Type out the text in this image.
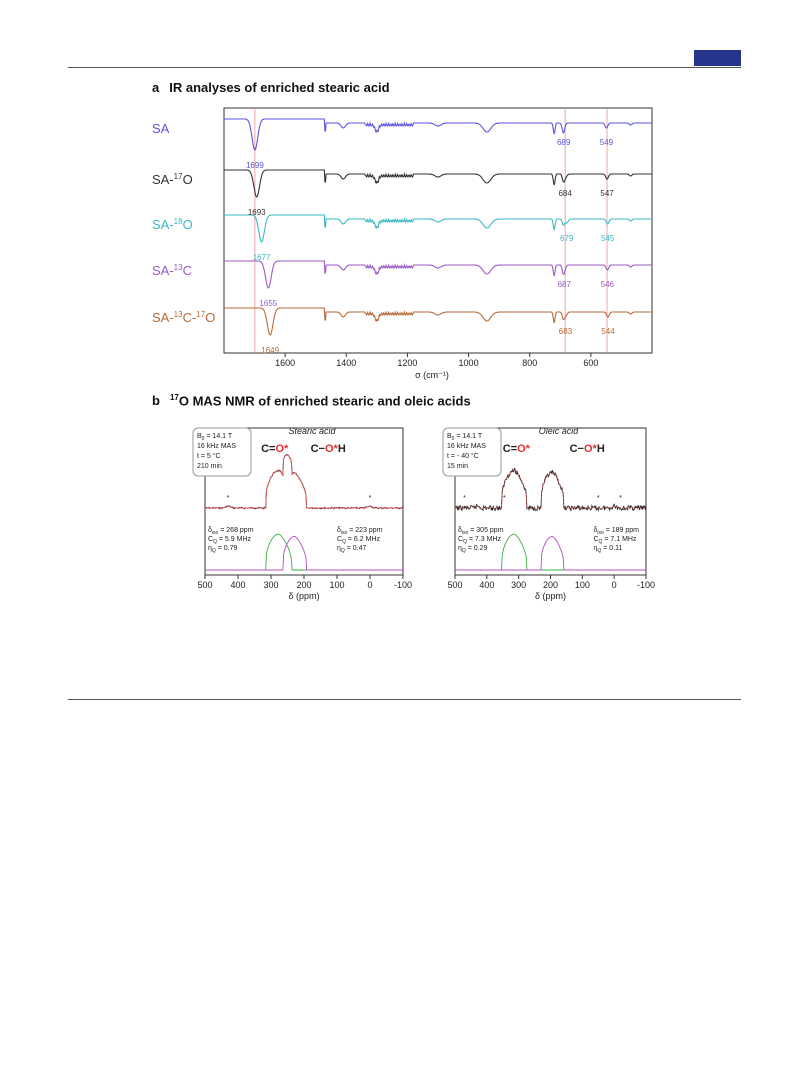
a IR analyses of enriched stearic acid
1699
689	549
1693
684	547
1677
679	545
1655
687	546
1649
683	544
1600	1400	1200	1000	800	600
SA
SA-$^{17}$O
SA-$^{18}$O
SA-$^{13}$C
SA-$^{13}$C-$^{17}$O
σ (cm⁻¹)
b $^{17}$O MAS NMR of enriched stearic and oleic acids
Stearic acid
$B_0 = 14.1$ T
16 kHz MAS
t = 5 °C
210 min
C=O* C−O*H
*	*
$\delta_{iso} = 268$ ppm
$C_Q = 5.9$ MHz
$\eta_Q = 0.79$
$\delta_{iso} = 223$ ppm
$C_Q = 6.2$ MHz
$\eta_Q = 0.47$
500 400 300 200 100	0 -100
δ (ppm)
Oleic acid
$B_0 = 14.1$ T
16 kHz MAS
t = - 40 °C
15 min
C=O*	C−O*H
*	*	*	*
$\delta_{iso} = 305$ ppm
$C_Q = 7.3$ MHz
$\eta_Q = 0.29$
$\delta_{iso} = 189$ ppm
$C_Q = 7.1$ MHz
$\eta_Q = 0.11$
500 400 300 200 100 0 -100
δ (ppm)
